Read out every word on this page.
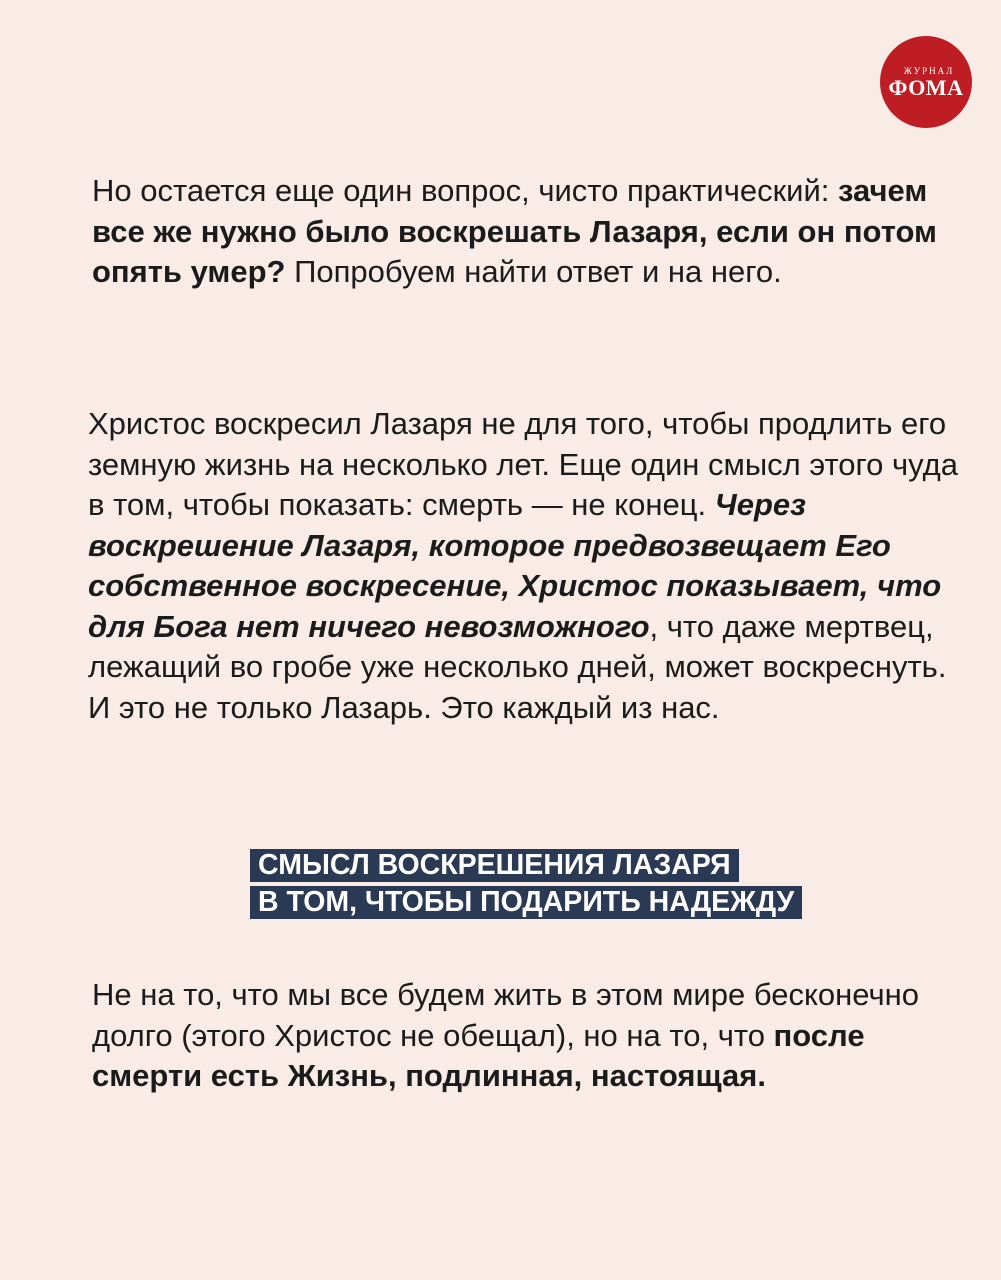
ЖУРНАЛ
ФОМА

Но остается еще один вопрос, чисто практический: зачем все же нужно было воскрешать Лазаря, если он потом опять умер? Попробуем найти ответ и на него.

Христос воскресил Лазаря не для того, чтобы продлить его земную жизнь на несколько лет. Еще один смысл этого чуда в том, чтобы показать: смерть — не конец. Через воскрешение Лазаря, которое предвозвещает Его собственное воскресение, Христос показывает, что для Бога нет ничего невозможного, что даже мертвец, лежащий во гробе уже несколько дней, может воскреснуть. И это не только Лазарь. Это каждый из нас.

СМЫСЛ ВОСКРЕШЕНИЯ ЛАЗАРЯ
В ТОМ, ЧТОБЫ ПОДАРИТЬ НАДЕЖДУ

Не на то, что мы все будем жить в этом мире бесконечно долго (этого Христос не обещал), но на то, что после смерти есть Жизнь, подлинная, настоящая.
